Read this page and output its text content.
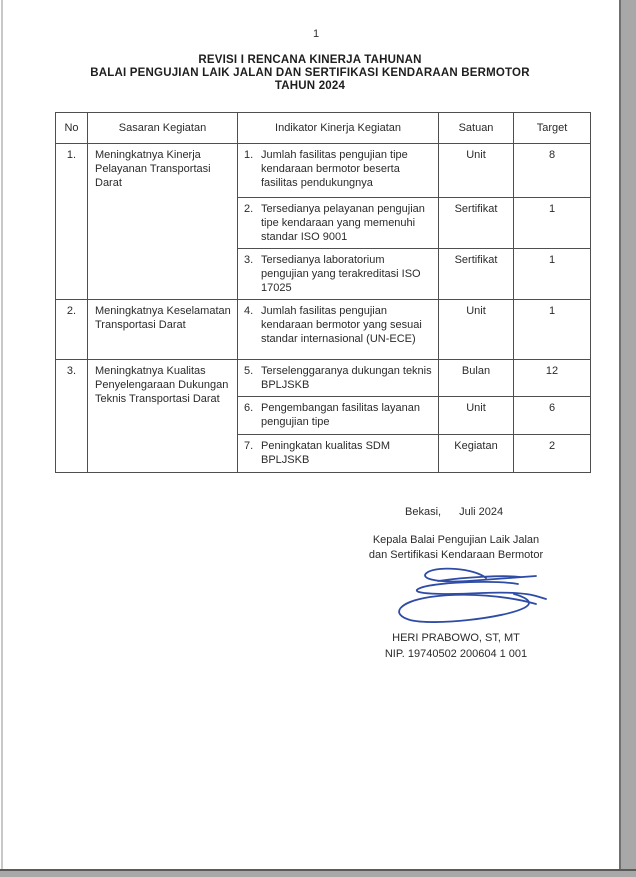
1
REVISI I RENCANA KINERJA TAHUNAN
BALAI PENGUJIAN LAIK JALAN DAN SERTIFIKASI KENDARAAN BERMOTOR
TAHUN 2024
No	Sasaran Kegiatan	Indikator Kinerja Kegiatan	Satuan	Target
1.	Meningkatnya Kinerja Pelayanan Transportasi Darat	1. Jumlah fasilitas pengujian tipe kendaraan bermotor beserta fasilitas pendukungnya	Unit	8

		2. Tersedianya pelayanan pengujian tipe kendaraan yang memenuhi standar ISO 9001	Sertifikat	1

		3. Tersedianya laboratorium pengujian yang terakreditasi ISO 17025	Sertifikat	1
2.	Meningkatnya Keselamatan Transportasi Darat	4. Jumlah fasilitas pengujian kendaraan bermotor yang sesuai standar internasional (UN-ECE)	Unit	1
3.	Meningkatnya Kualitas Penyelengaraan Dukungan Teknis Transportasi Darat	5. Terselenggaranya dukungan teknis BPLJSKB	Bulan	12

		6. Pengembangan fasilitas layanan pengujian tipe	Unit	6

		7. Peningkatan kualitas SDM BPLJSKB	Kegiatan	2
Bekasi, Juli 2024
Kepala Balai Pengujian Laik Jalan
dan Sertifikasi Kendaraan Bermotor
HERI PRABOWO, ST, MT
NIP. 19740502 200604 1 001
